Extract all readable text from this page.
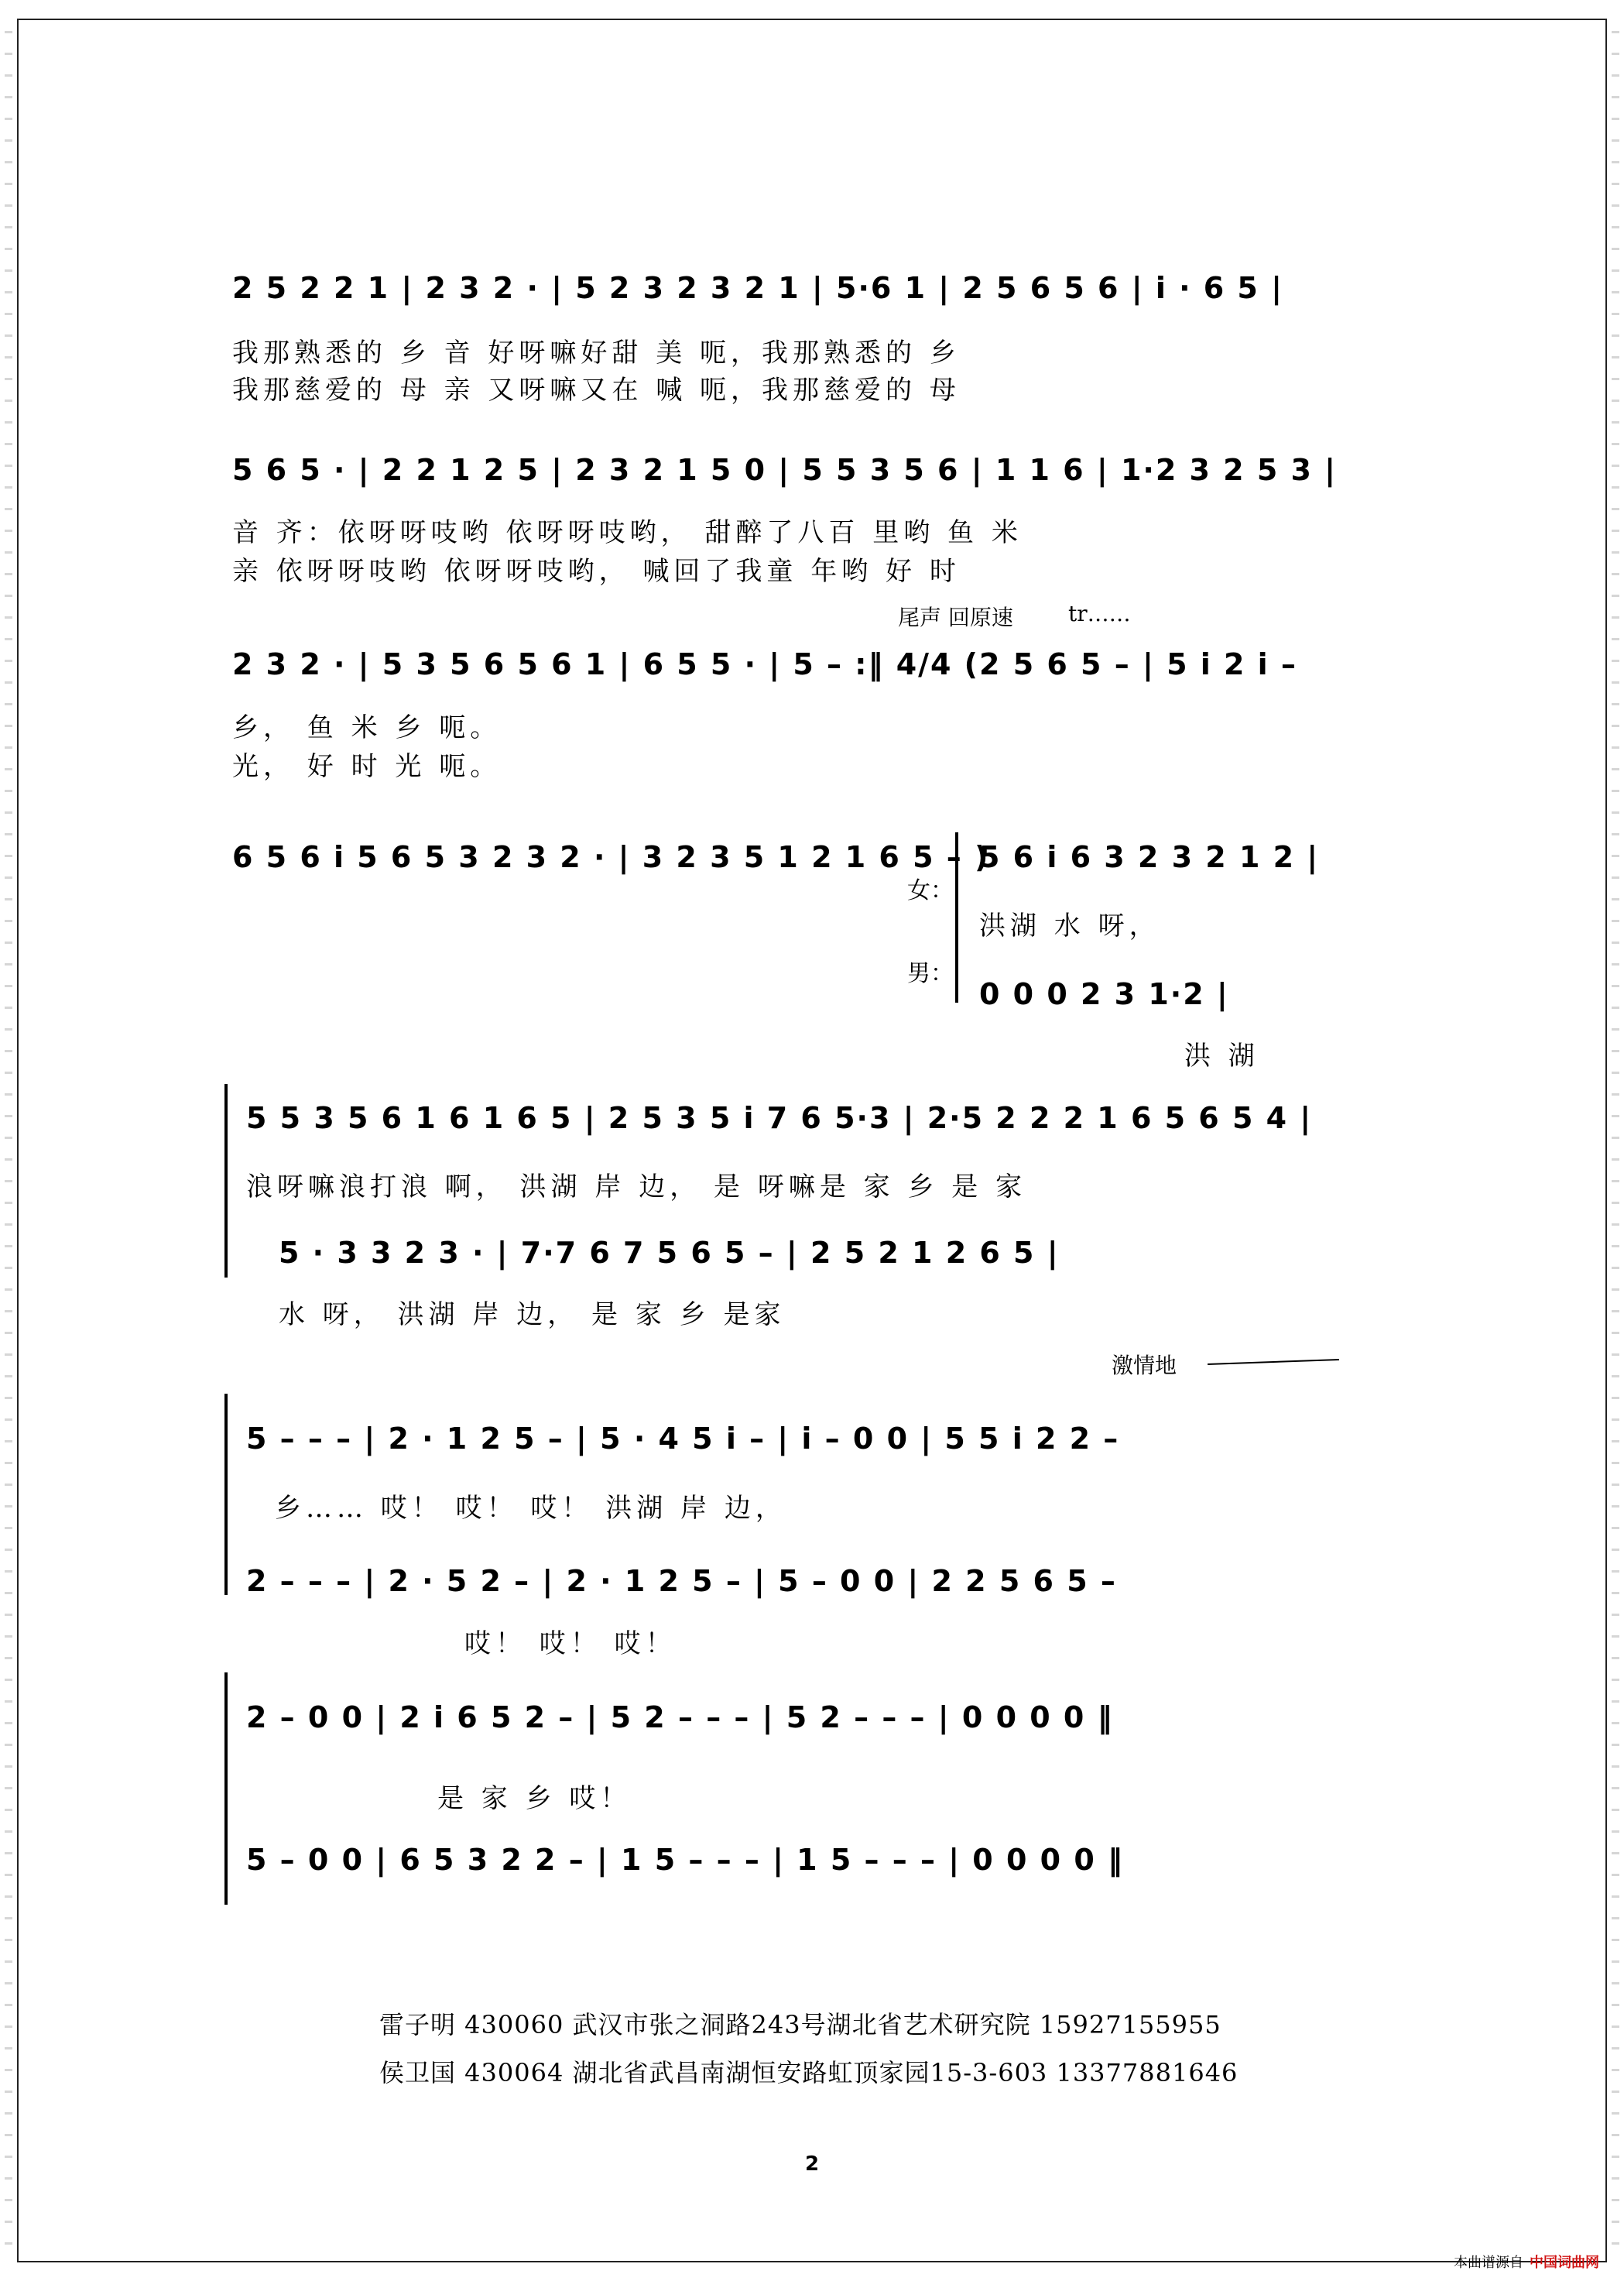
2 5 2 2 1 | 2 3 2 · | 5 2 3 2 3 2 1 | 5·6 1 | 2 5 6 5 6 | i · 6 5 |
我那熟悉的 乡 音 好呀嘛好甜 美 呃，我那熟悉的 乡
我那慈爱的 母 亲 又呀嘛又在 喊 呃，我那慈爱的 母
5 6 5 · | 2 2 1 2 5 | 2 3 2 1 5 0 | 5 5 3 5 6 | 1 1 6 | 1·2 3 2 5 3 |
音 齐：依呀呀吱哟 依呀呀吱哟， 甜醉了八百 里哟 鱼 米
亲 依呀呀吱哟 依呀呀吱哟， 喊回了我童 年哟 好 时
尾声 回原速	tr……
2 3 2 · | 5 3 5 6 5 6 1 | 6 5 5 · | 5 – :‖ 4/4 (2 5 6 5 – | 5 i 2 i –
乡， 鱼 米 乡 呃。
光， 好 时 光 呃。
6 5 6 i 5 6 5 3 2 3 2 · | 3 2 3 5 1 2 1 6 5 – )
女：
男：
5 6 i 6 3 2 3 2 1 2 |
洪湖 水 呀，
0 0 0 2 3 1·2 |
洪 湖
5 5 3 5 6 1 6 1 6 5 | 2 5 3 5 i 7 6 5·3 | 2·5 2 2 2 1 6 5 6 5 4 |
浪呀嘛浪打浪 啊， 洪湖 岸 边， 是 呀嘛是 家 乡 是 家
5 · 3 3 2 3 · | 7·7 6 7 5 6 5 – | 2 5 2 1 2 6 5 |
水 呀， 洪湖 岸 边， 是 家 乡 是家
激情地
5 – – – | 2 · 1 2 5 – | 5 · 4 5 i – | i – 0 0 | 5 5 i 2 2 –
乡…… 哎！ 哎！ 哎！ 洪湖 岸 边，
2 – – – | 2 · 5 2 – | 2 · 1 2 5 – | 5 – 0 0 | 2 2 5 6 5 –
哎！ 哎！ 哎！
2 – 0 0 | 2 i 6 5 2 – | 5 2 – – – | 5 2 – – – | 0 0 0 0 ‖
是 家 乡 哎！
5 – 0 0 | 6 5 3 2 2 – | 1 5 – – – | 1 5 – – – | 0 0 0 0 ‖
雷子明 430060 武汉市张之洞路243号湖北省艺术研究院 15927155955
侯卫国 430064 湖北省武昌南湖恒安路虹顶家园15-3-603 13377881646
2
本曲谱源自 中国词曲网
